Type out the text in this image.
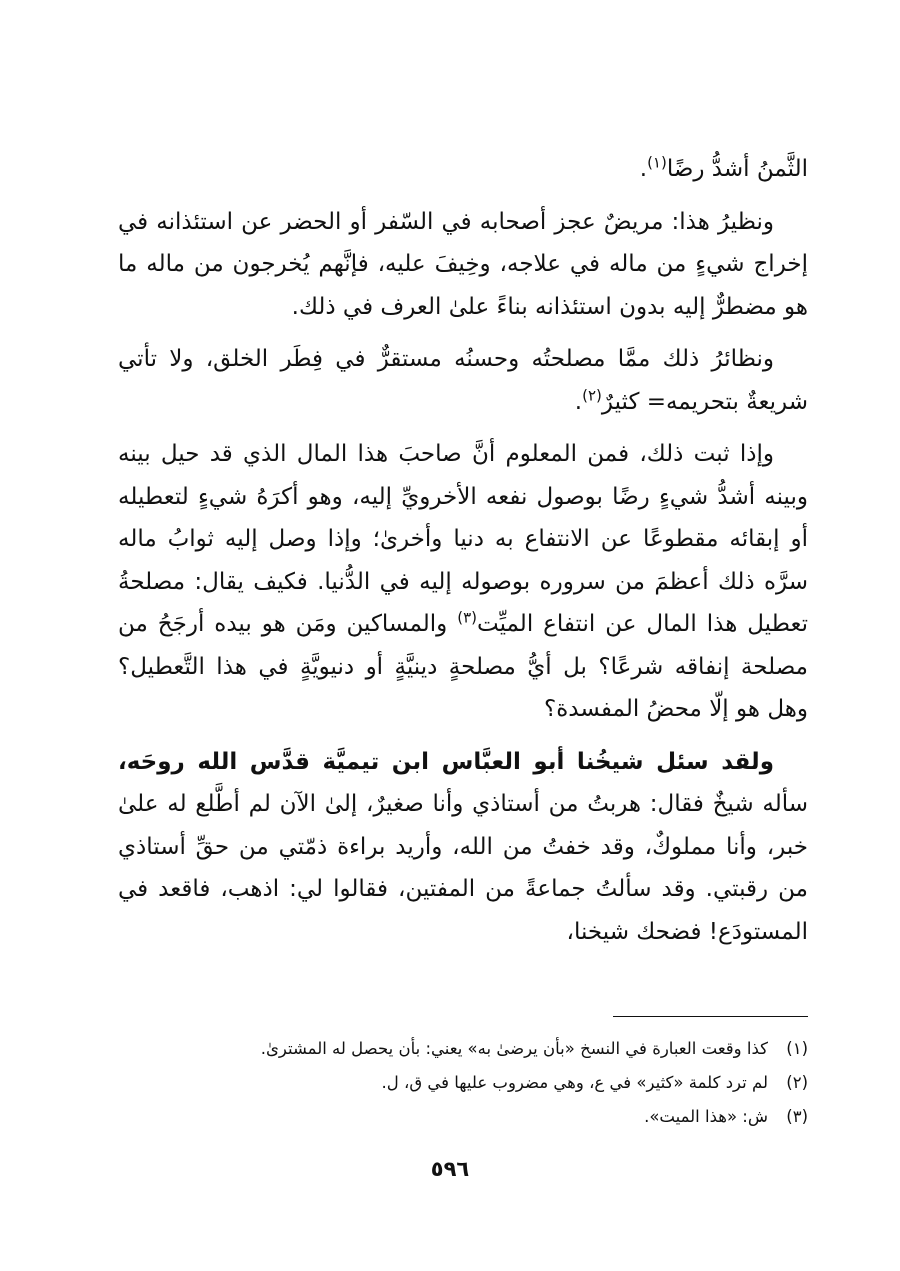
الثَّمنُ أشدُّ رضًا$^{(١)}$.

ونظيرُ هذا: مريضٌ عجز أصحابه في السّفر أو الحضر عن استئذانه في إخراج شيءٍ من ماله في علاجه، وخِيفَ عليه، فإنَّهم يُخرجون من ماله ما هو مضطرٌّ إليه بدون استئذانه بناءً علىٰ العرف في ذلك.

ونظائرُ ذلك ممَّا مصلحتُه وحسنُه مستقرٌّ في فِطَر الخلق، ولا تأتي شريعةٌ بتحريمه= كثيرٌ$^{(٢)}$.

وإذا ثبت ذلك، فمن المعلوم أنَّ صاحبَ هذا المال الذي قد حيل بينه وبينه أشدُّ شيءٍ رضًا بوصول نفعه الأخرويِّ إليه، وهو أكرَهُ شيءٍ لتعطيله أو إبقائه مقطوعًا عن الانتفاع به دنيا وأخرىٰ؛ وإذا وصل إليه ثوابُ ماله سرَّه ذلك أعظمَ من سروره بوصوله إليه في الدُّنيا. فكيف يقال: مصلحةُ تعطيل هذا المال عن انتفاع الميِّت$^{(٣)}$ والمساكين ومَن هو بيده أرجَحُ من مصلحة إنفاقه شرعًا؟ بل أيُّ مصلحةٍ دينيَّةٍ أو دنيويَّةٍ في هذا التَّعطيل؟ وهل هو إلّا محضُ المفسدة؟

ولقد سئل شيخُنا أبو العبَّاس ابن تيميَّة قدَّس الله روحَه، سأله شيخٌ فقال: هربتُ من أستاذي وأنا صغيرٌ، إلىٰ الآن لم أطَّلع له علىٰ خبر، وأنا مملوكٌ، وقد خفتُ من الله، وأريد براءة ذمّتي من حقِّ أستاذي من رقبتي. وقد سألتُ جماعةً من المفتين، فقالوا لي: اذهب، فاقعد في المستودَع! فضحك شيخنا،

(١)كذا وقعت العبارة في النسخ «بأن يرضىٰ به» يعني: بأن يحصل له المشترىٰ.
(٢)لم ترد كلمة «كثير» في ع، وهي مضروب عليها في ق، ل.
(٣)ش: «هذا الميت».
٥٩٦
